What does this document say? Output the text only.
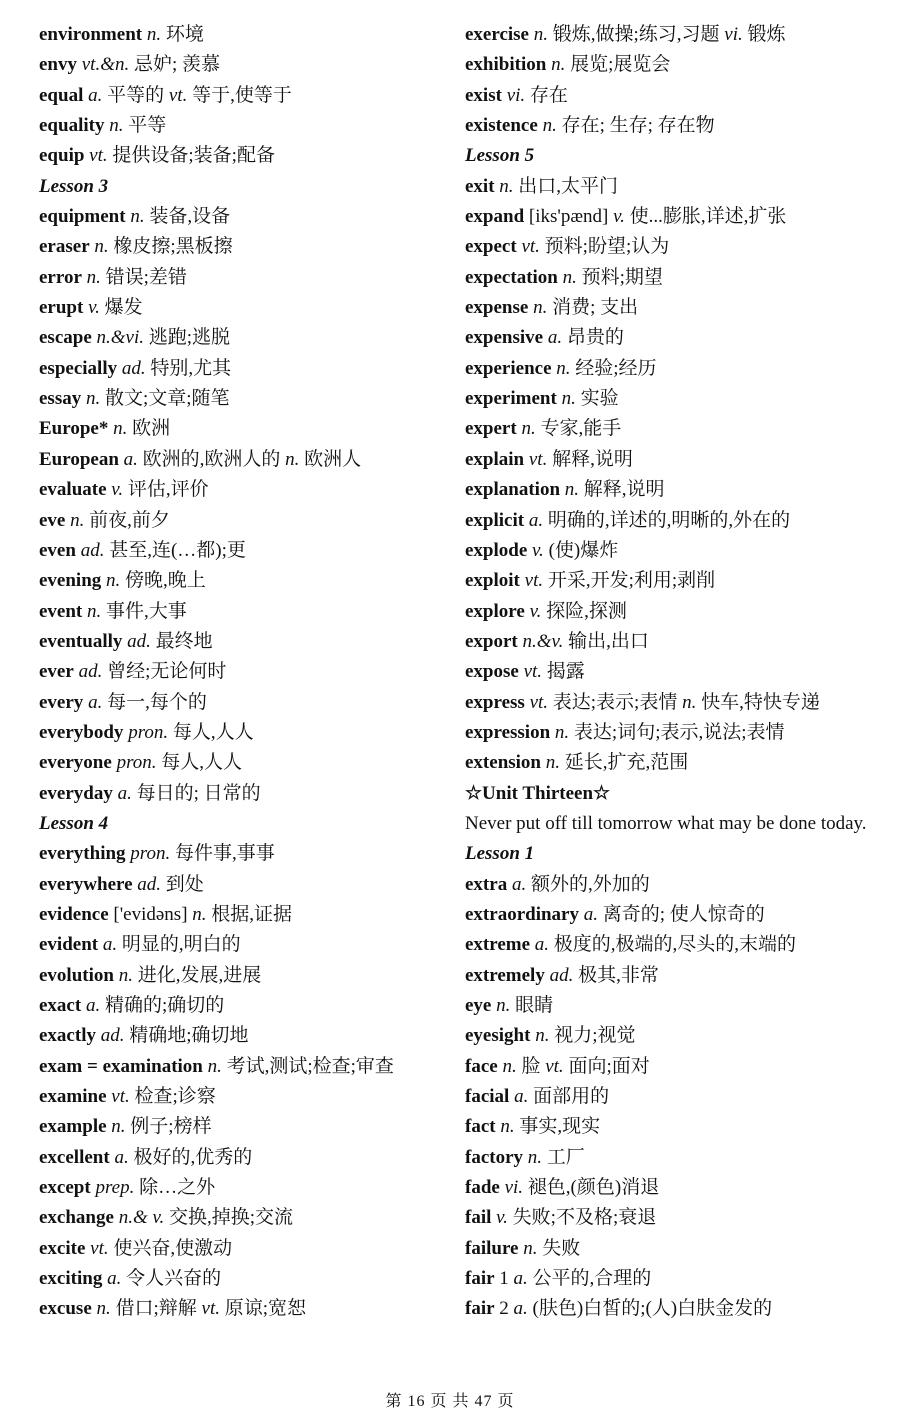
environment n. 环境
envy vt.&n. 忌妒; 羡慕
equal a. 平等的 vt. 等于,使等于
equality n. 平等
equip vt. 提供设备;装备;配备
Lesson 3
equipment n. 装备,设备
eraser n. 橡皮擦;黑板擦
error n. 错误;差错
erupt v. 爆发
escape n.&vi. 逃跑;逃脱
especially ad. 特别,尤其
essay n. 散文;文章;随笔
Europe* n. 欧洲
European a. 欧洲的,欧洲人的 n. 欧洲人
evaluate v. 评估,评价
eve n. 前夜,前夕
even ad. 甚至,连(…都);更
evening n. 傍晚,晚上
event n. 事件,大事
eventually ad. 最终地
ever ad. 曾经;无论何时
every a. 每一,每个的
everybody pron. 每人,人人
everyone pron. 每人,人人
everyday a. 每日的; 日常的
Lesson 4
everything pron. 每件事,事事
everywhere ad. 到处
evidence ['evidəns] n. 根据,证据
evident a. 明显的,明白的
evolution n. 进化,发展,进展
exact a. 精确的;确切的
exactly ad. 精确地;确切地
exam = examination n. 考试,测试;检查;审查
examine vt. 检查;诊察
example n. 例子;榜样
excellent a. 极好的,优秀的
except prep. 除…之外
exchange n.& v. 交换,掉换;交流
excite vt. 使兴奋,使激动
exciting a. 令人兴奋的
excuse n. 借口;辩解 vt. 原谅;宽恕
exercise n. 锻炼,做操;练习,习题 vi. 锻炼
exhibition n. 展览;展览会
exist vi. 存在
existence n. 存在; 生存; 存在物
Lesson 5
exit n. 出口,太平门
expand [iks'pænd] v. 使...膨胀,详述,扩张
expect vt. 预料;盼望;认为
expectation n. 预料;期望
expense n. 消费; 支出
expensive a. 昂贵的
experience n. 经验;经历
experiment n. 实验
expert n. 专家,能手
explain vt. 解释,说明
explanation n. 解释,说明
explicit a. 明确的,详述的,明晰的,外在的
explode v. (使)爆炸
exploit vt. 开采,开发;利用;剥削
explore v. 探险,探测
export n.&v. 输出,出口
expose vt. 揭露
express vt. 表达;表示;表情 n. 快车,特快专递
expression n. 表达;词句;表示,说法;表情
extension n. 延长,扩充,范围
☆Unit Thirteen☆
Never put off till tomorrow what may be done today.
Lesson 1
extra a. 额外的,外加的
extraordinary a. 离奇的; 使人惊奇的
extreme a. 极度的,极端的,尽头的,末端的
extremely ad. 极其,非常
eye n. 眼睛
eyesight n. 视力;视觉
face n. 脸 vt. 面向;面对
facial a. 面部用的
fact n. 事实,现实
factory n. 工厂
fade vi. 褪色,(颜色)消退
fail v. 失败;不及格;衰退
failure n. 失败
fair 1 a. 公平的,合理的
fair 2 a. (肤色)白皙的;(人)白肤金发的
第 16 页 共 47 页
